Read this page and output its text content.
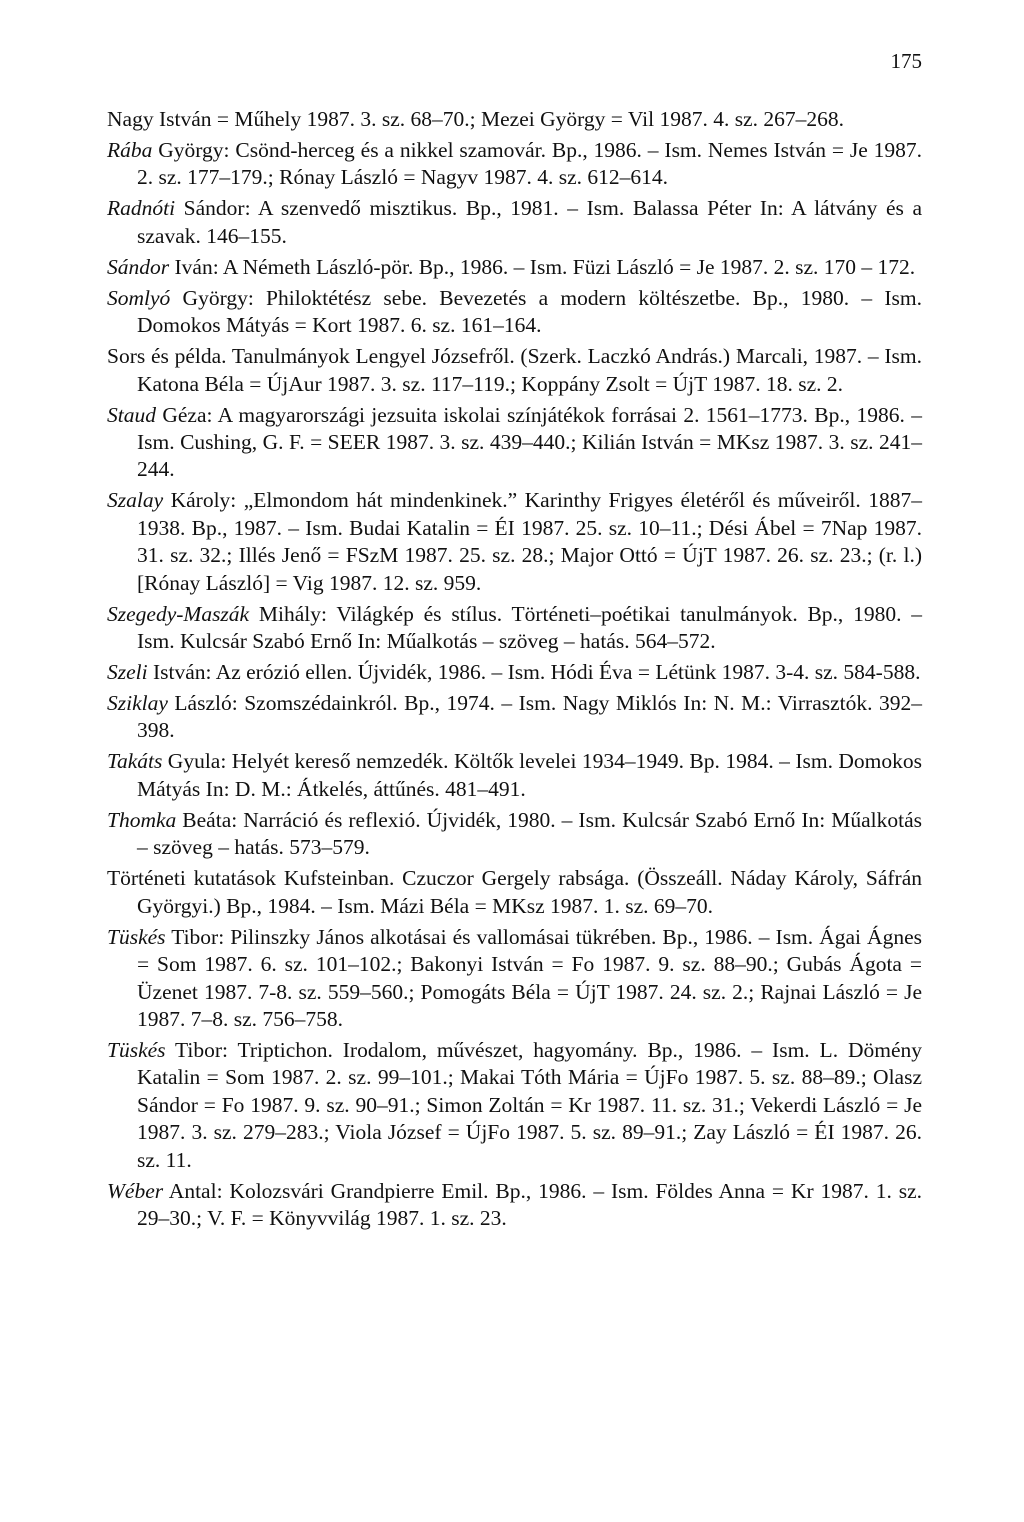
175

Nagy István = Műhely 1987. 3. sz. 68–70.; Mezei György = Vil 1987. 4. sz. 267–268.

Rába György: Csönd-herceg és a nikkel szamovár. Bp., 1986. – Ism. Nemes István = Je 1987. 2. sz. 177–179.; Rónay László = Nagyv 1987. 4. sz. 612–614.

Radnóti Sándor: A szenvedő misztikus. Bp., 1981. – Ism. Balassa Péter In: A látvány és a szavak. 146–155.

Sándor Iván: A Németh László-pör. Bp., 1986. – Ism. Füzi László = Je 1987. 2. sz. 170 – 172.

Somlyó György: Philoktétész sebe. Bevezetés a modern költészetbe. Bp., 1980. – Ism. Domokos Mátyás = Kort 1987. 6. sz. 161–164.

Sors és példa. Tanulmányok Lengyel Józsefről. (Szerk. Laczkó András.) Marcali, 1987. – Ism. Katona Béla = ÚjAur 1987. 3. sz. 117–119.; Koppány Zsolt = ÚjT 1987. 18. sz. 2.

Staud Géza: A magyarországi jezsuita iskolai színjátékok forrásai 2. 1561–1773. Bp., 1986. – Ism. Cushing, G. F. = SEER 1987. 3. sz. 439–440.; Kilián István = MKsz 1987. 3. sz. 241–244.

Szalay Károly: „Elmondom hát mindenkinek.” Karinthy Frigyes életéről és műveiről. 1887–1938. Bp., 1987. – Ism. Budai Katalin = ÉI 1987. 25. sz. 10–11.; Dési Ábel = 7Nap 1987. 31. sz. 32.; Illés Jenő = FSzM 1987. 25. sz. 28.; Major Ottó = ÚjT 1987. 26. sz. 23.; (r. l.) [Rónay László] = Vig 1987. 12. sz. 959.

Szegedy-Maszák Mihály: Világkép és stílus. Történeti–poétikai tanulmányok. Bp., 1980. – Ism. Kulcsár Szabó Ernő In: Műalkotás – szöveg – hatás. 564–572.

Szeli István: Az erózió ellen. Újvidék, 1986. – Ism. Hódi Éva = Létünk 1987. 3-4. sz. 584-588.

Sziklay László: Szomszédainkról. Bp., 1974. – Ism. Nagy Miklós In: N. M.: Virrasztók. 392–398.

Takáts Gyula: Helyét kereső nemzedék. Költők levelei 1934–1949. Bp. 1984. – Ism. Domokos Mátyás In: D. M.: Átkelés, áttűnés. 481–491.

Thomka Beáta: Narráció és reflexió. Újvidék, 1980. – Ism. Kulcsár Szabó Ernő In: Műalkotás – szöveg – hatás. 573–579.

Történeti kutatások Kufsteinban. Czuczor Gergely rabsága. (Összeáll. Náday Károly, Sáfrán Györgyi.) Bp., 1984. – Ism. Mázi Béla = MKsz 1987. 1. sz. 69–70.

Tüskés Tibor: Pilinszky János alkotásai és vallomásai tükrében. Bp., 1986. – Ism. Ágai Ágnes = Som 1987. 6. sz. 101–102.; Bakonyi István = Fo 1987. 9. sz. 88–90.; Gubás Ágota = Üzenet 1987. 7-8. sz. 559–560.; Pomogáts Béla = ÚjT 1987. 24. sz. 2.; Rajnai László = Je 1987. 7–8. sz. 756–758.

Tüskés Tibor: Triptichon. Irodalom, művészet, hagyomány. Bp., 1986. – Ism. L. Dömény Katalin = Som 1987. 2. sz. 99–101.; Makai Tóth Mária = ÚjFo 1987. 5. sz. 88–89.; Olasz Sándor = Fo 1987. 9. sz. 90–91.; Simon Zoltán = Kr 1987. 11. sz. 31.; Vekerdi László = Je 1987. 3. sz. 279–283.; Viola József = ÚjFo 1987. 5. sz. 89–91.; Zay László = ÉI 1987. 26. sz. 11.

Wéber Antal: Kolozsvári Grandpierre Emil. Bp., 1986. – Ism. Földes Anna = Kr 1987. 1. sz. 29–30.; V. F. = Könyvvilág 1987. 1. sz. 23.
